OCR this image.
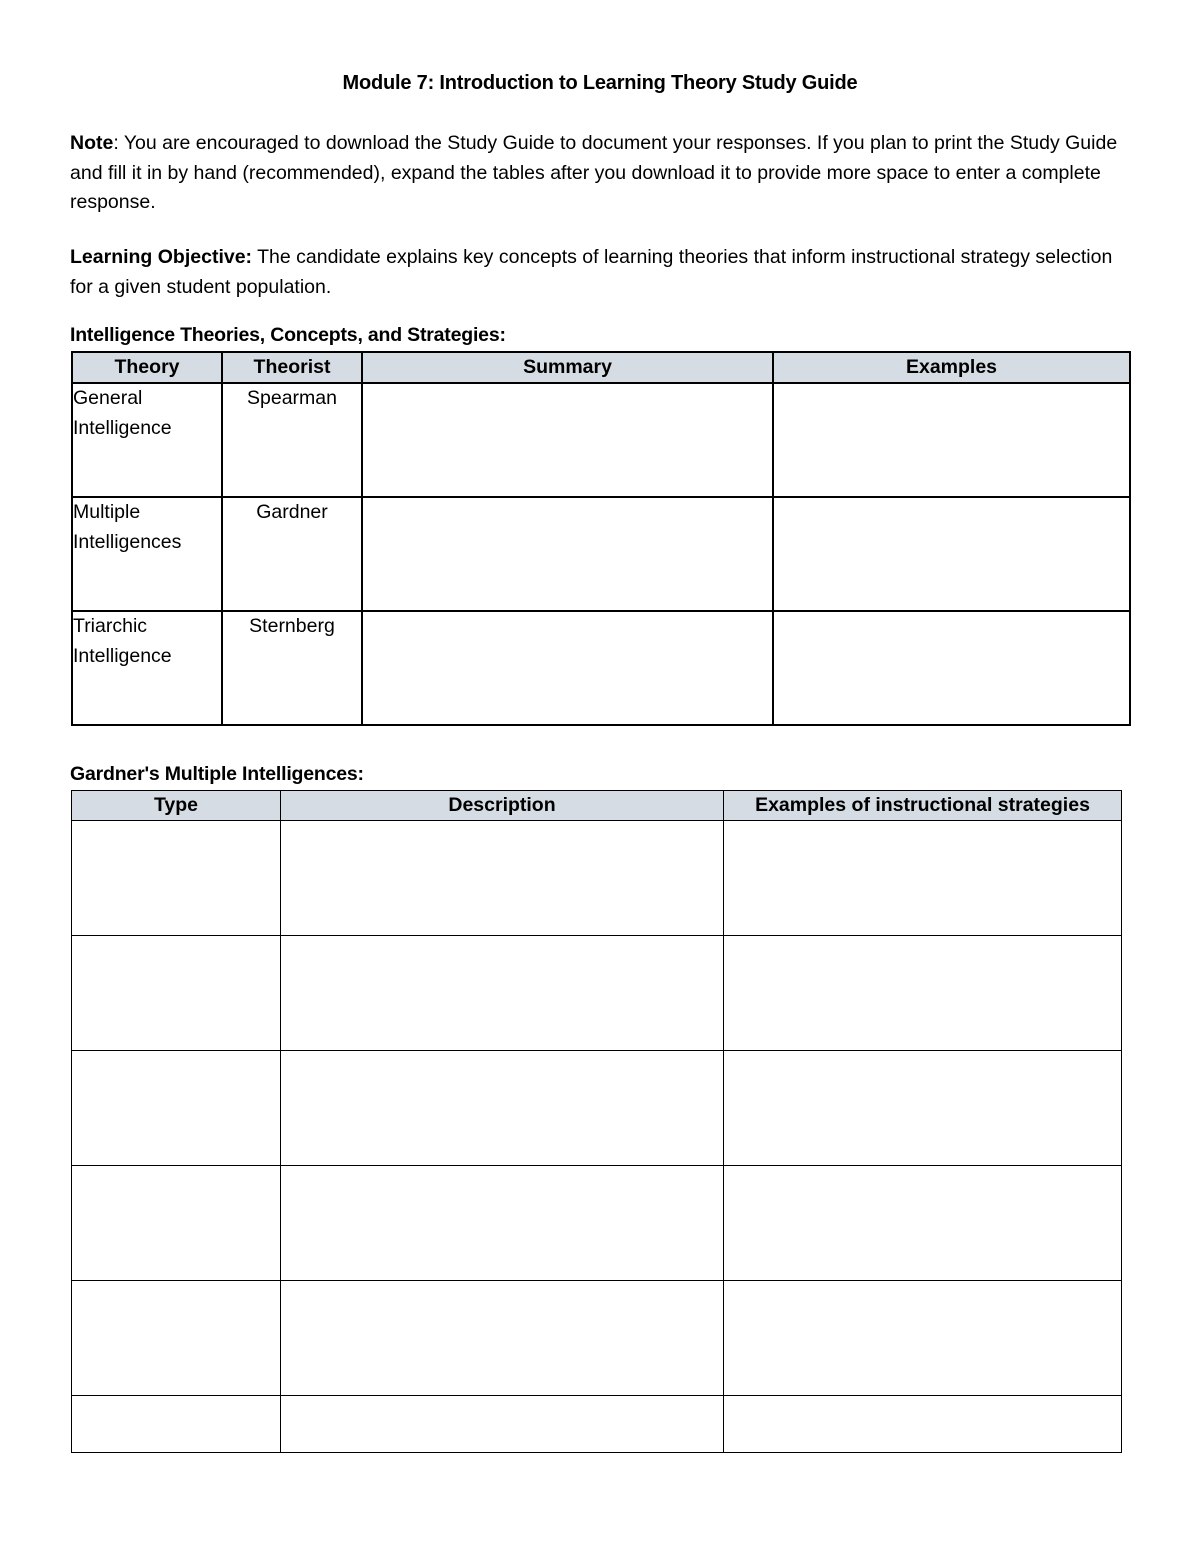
Module 7: Introduction to Learning Theory Study Guide
Note: You are encouraged to download the Study Guide to document your responses. If you plan to print the Study Guide and fill it in by hand (recommended), expand the tables after you download it to provide more space to enter a complete response.
Learning Objective: The candidate explains key concepts of learning theories that inform instructional strategy selection for a given student population.
Intelligence Theories, Concepts, and Strategies:
Theory	Theorist	Summary	Examples
General Intelligence	Spearman		
Multiple Intelligences	Gardner		
Triarchic Intelligence	Sternberg		
Gardner's Multiple Intelligences:
Type	Description	Examples of instructional strategies
